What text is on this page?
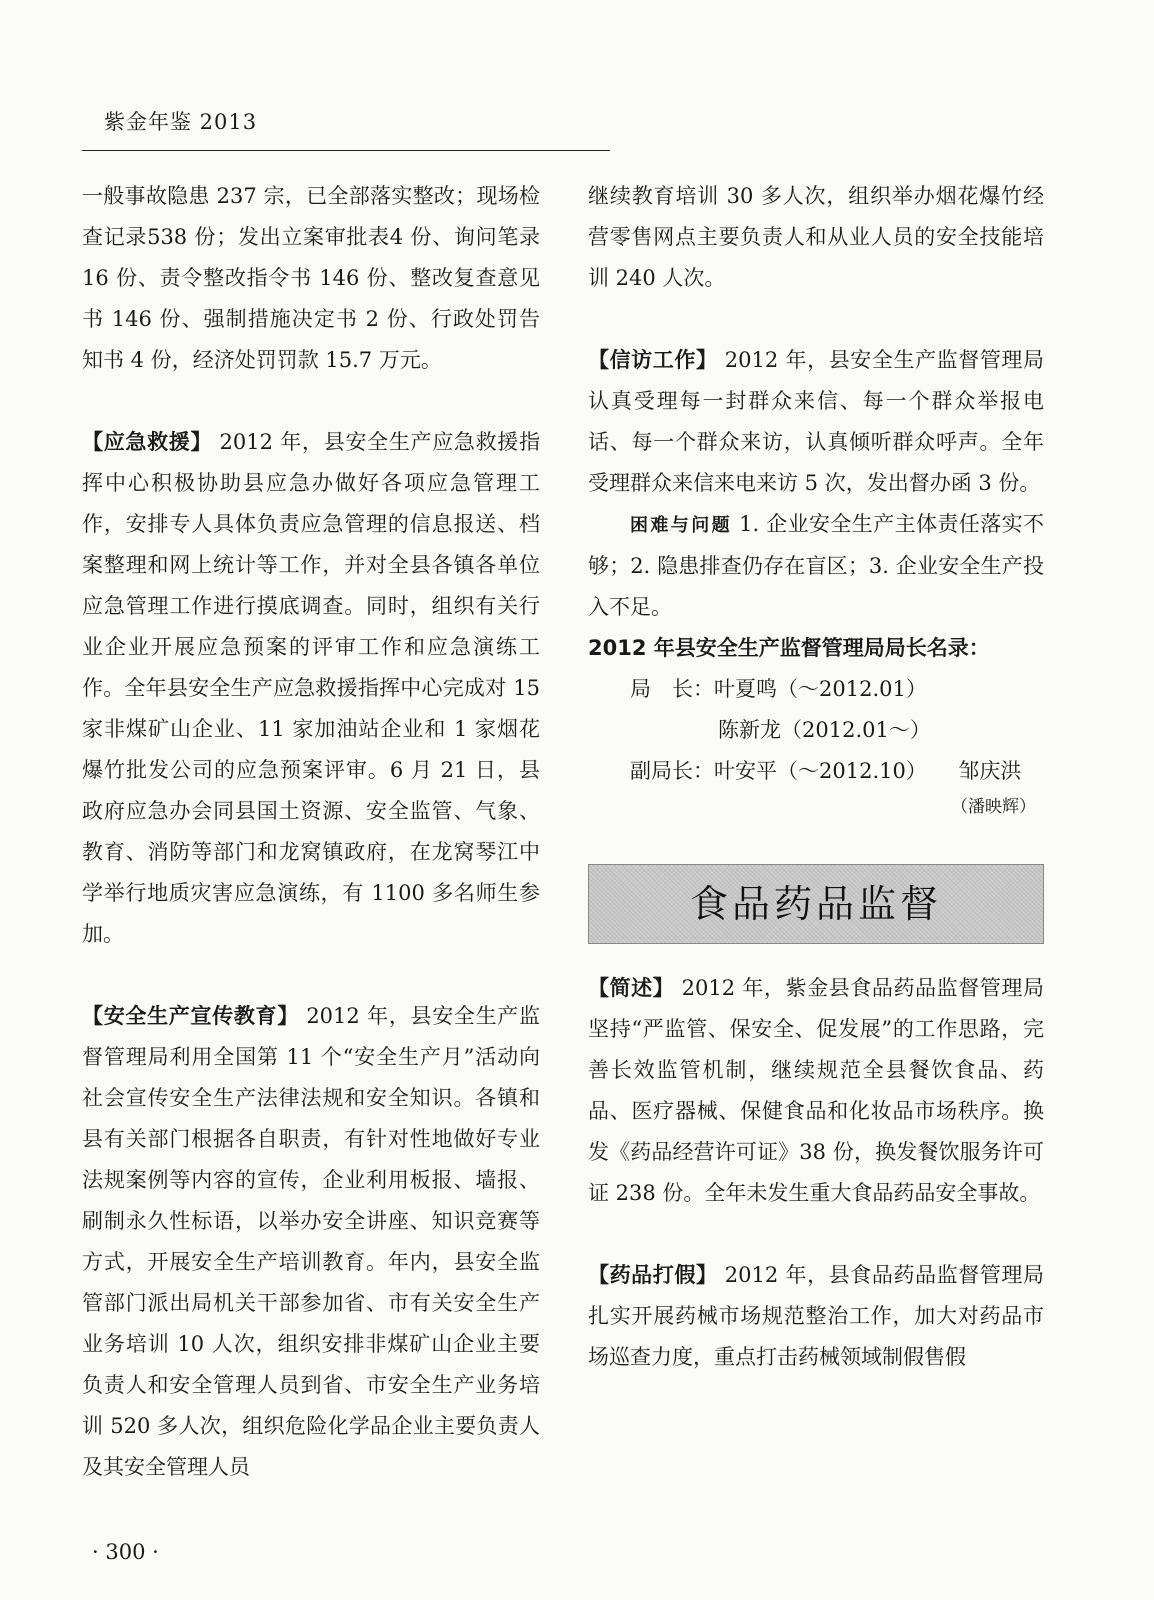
紫金年鉴 2013

一般事故隐患 237 宗，已全部落实整改；现场检查记录538 份；发出立案审批表4 份、询问笔录 16 份、责令整改指令书 146 份、整改复查意见书 146 份、强制措施决定书 2 份、行政处罚告知书 4 份，经济处罚罚款 15.7 万元。

【应急救援】 2012 年，县安全生产应急救援指挥中心积极协助县应急办做好各项应急管理工作，安排专人具体负责应急管理的信息报送、档案整理和网上统计等工作，并对全县各镇各单位应急管理工作进行摸底调查。同时，组织有关行业企业开展应急预案的评审工作和应急演练工作。全年县安全生产应急救援指挥中心完成对 15 家非煤矿山企业、11 家加油站企业和 1 家烟花爆竹批发公司的应急预案评审。6 月 21 日，县政府应急办会同县国土资源、安全监管、气象、教育、消防等部门和龙窝镇政府，在龙窝琴江中学举行地质灾害应急演练，有 1100 多名师生参加。

【安全生产宣传教育】 2012 年，县安全生产监督管理局利用全国第 11 个“安全生产月”活动向社会宣传安全生产法律法规和安全知识。各镇和县有关部门根据各自职责，有针对性地做好专业法规案例等内容的宣传，企业利用板报、墙报、刷制永久性标语，以举办安全讲座、知识竞赛等方式，开展安全生产培训教育。年内，县安全监管部门派出局机关干部参加省、市有关安全生产业务培训 10 人次，组织安排非煤矿山企业主要负责人和安全管理人员到省、市安全生产业务培训 520 多人次，组织危险化学品企业主要负责人及其安全管理人员

继续教育培训 30 多人次，组织举办烟花爆竹经营零售网点主要负责人和从业人员的安全技能培训 240 人次。

【信访工作】 2012 年，县安全生产监督管理局认真受理每一封群众来信、每一个群众举报电话、每一个群众来访，认真倾听群众呼声。全年受理群众来信来电来访 5 次，发出督办函 3 份。

困难与问题 1. 企业安全生产主体责任落实不够；2. 隐患排查仍存在盲区；3. 企业安全生产投入不足。

2012 年县安全生产监督管理局局长名录：

局　长：叶夏鸣（～2012.01）

陈新龙（2012.01～）

副局长：叶安平（～2012.10）　　邹庆洪

（潘映辉）

食品药品监督

【简述】 2012 年，紫金县食品药品监督管理局坚持“严监管、保安全、促发展”的工作思路，完善长效监管机制，继续规范全县餐饮食品、药品、医疗器械、保健食品和化妆品市场秩序。换发《药品经营许可证》38 份，换发餐饮服务许可证 238 份。全年未发生重大食品药品安全事故。

【药品打假】 2012 年，县食品药品监督管理局扎实开展药械市场规范整治工作，加大对药品市场巡查力度，重点打击药械领域制假售假

· 300 ·
